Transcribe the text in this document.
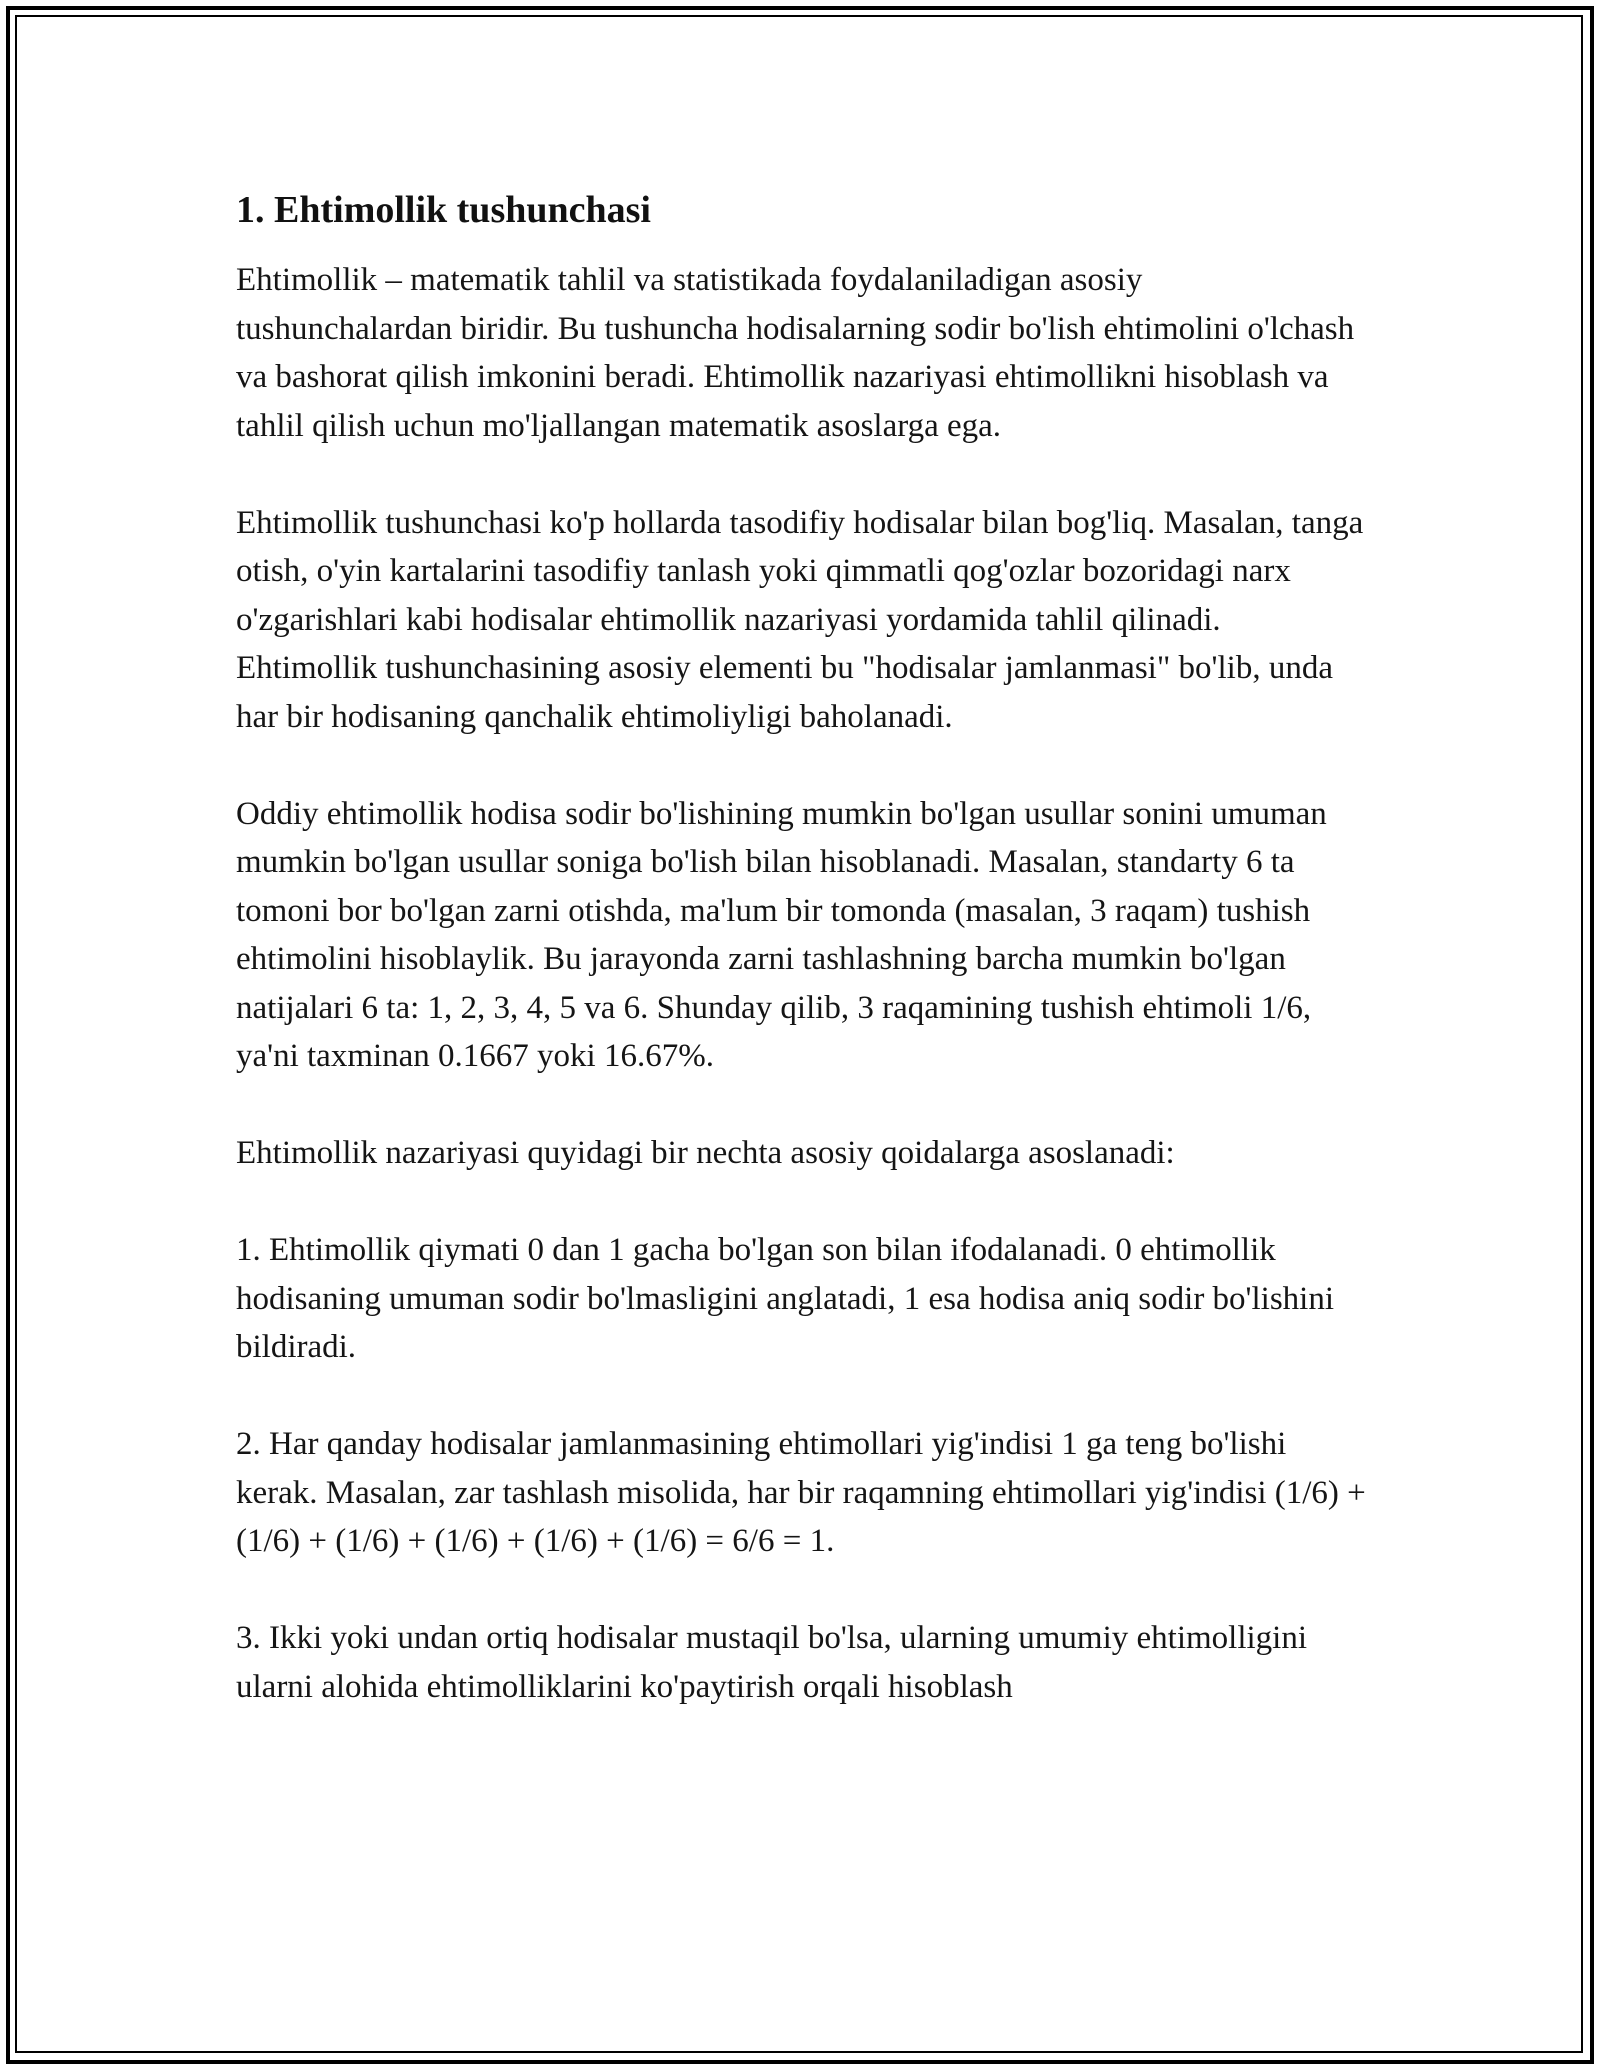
1. Ehtimollik tushunchasi

Ehtimollik – matematik tahlil va statistikada foydalaniladigan asosiy tushunchalardan biridir. Bu tushuncha hodisalarning sodir bo'lish ehtimolini o'lchash va bashorat qilish imkonini beradi. Ehtimollik nazariyasi ehtimollikni hisoblash va tahlil qilish uchun mo'ljallangan matematik asoslarga ega.

Ehtimollik tushunchasi ko'p hollarda tasodifiy hodisalar bilan bog'liq. Masalan, tanga otish, o'yin kartalarini tasodifiy tanlash yoki qimmatli qog'ozlar bozoridagi narx o'zgarishlari kabi hodisalar ehtimollik nazariyasi yordamida tahlil qilinadi. Ehtimollik tushunchasining asosiy elementi bu "hodisalar jamlanmasi" bo'lib, unda har bir hodisaning qanchalik ehtimoliyligi baholanadi.

Oddiy ehtimollik hodisa sodir bo'lishining mumkin bo'lgan usullar sonini umuman mumkin bo'lgan usullar soniga bo'lish bilan hisoblanadi. Masalan, standarty 6 ta tomoni bor bo'lgan zarni otishda, ma'lum bir tomonda (masalan, 3 raqam) tushish ehtimolini hisoblaylik. Bu jarayonda zarni tashlashning barcha mumkin bo'lgan natijalari 6 ta: 1, 2, 3, 4, 5 va 6. Shunday qilib, 3 raqamining tushish ehtimoli 1/6, ya'ni taxminan 0.1667 yoki 16.67%.

Ehtimollik nazariyasi quyidagi bir nechta asosiy qoidalarga asoslanadi:

1. Ehtimollik qiymati 0 dan 1 gacha bo'lgan son bilan ifodalanadi. 0 ehtimollik hodisaning umuman sodir bo'lmasligini anglatadi, 1 esa hodisa aniq sodir bo'lishini bildiradi.

2. Har qanday hodisalar jamlanmasining ehtimollari yig'indisi 1 ga teng bo'lishi kerak. Masalan, zar tashlash misolida, har bir raqamning ehtimollari yig'indisi (1/6) + (1/6) + (1/6) + (1/6) + (1/6) + (1/6) = 6/6 = 1.

3. Ikki yoki undan ortiq hodisalar mustaqil bo'lsa, ularning umumiy ehtimolligini ularni alohida ehtimolliklarini ko'paytirish orqali hisoblash
